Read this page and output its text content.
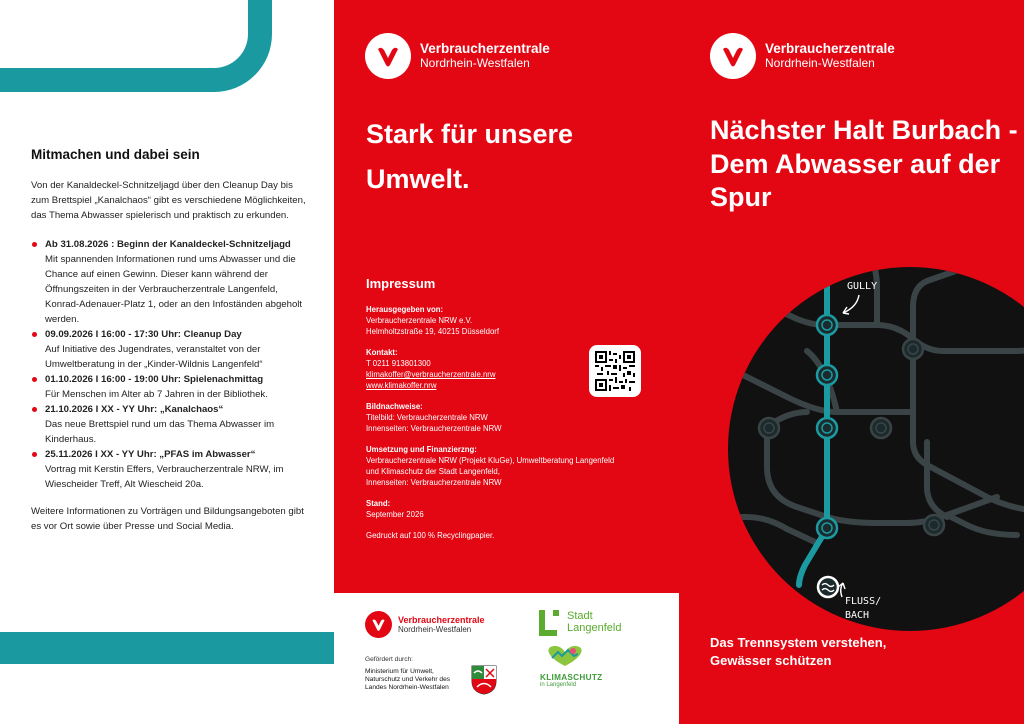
Mitmachen und dabei sein

Von der Kanaldeckel-Schnitzeljagd über den Cleanup Day bis zum Brettspiel „Kanalchaos“ gibt es verschiedene Möglichkeiten, das Thema Abwasser spielerisch und praktisch zu erkunden.

Ab 31.08.2026 : Beginn der Kanaldeckel-Schnitzeljagd
Mit spannenden Informationen rund ums Abwasser und die Chance auf einen Gewinn. Dieser kann während der Öffnungszeiten in der Verbraucherzentrale Langenfeld, Konrad-Adenauer-Platz 1, oder an den Infoständen abgeholt werden.
09.09.2026 I 16:00 - 17:30 Uhr: Cleanup Day
Auf Initiative des Jugendrates, veranstaltet von der Umweltberatung in der „Kinder-Wildnis Langenfeld“
01.10.2026 I 16:00 - 19:00 Uhr: Spielenachmittag
Für Menschen im Alter ab 7 Jahren in der Bibliothek.
21.10.2026 I XX - YY Uhr: „Kanalchaos“
Das neue Brettspiel rund um das Thema Abwasser im Kinderhaus.
25.11.2026 I XX - YY Uhr: „PFAS im Abwasser“
Vortrag mit Kerstin Effers, Verbraucherzentrale NRW, im Wiescheider Treff, Alt Wiescheid 20a.

Weitere Informationen zu Vorträgen und Bildungsangeboten gibt es vor Ort sowie über Presse und Social Media.

Verbraucherzentrale
Nordrhein-Westfalen
Stark für unsere Umwelt.
Impressum
Herausgegeben von:
Verbraucherzentrale NRW e.V.
Helmholtzstraße 19, 40215 Düsseldorf
Kontakt:
T 0211 913801300
klimakoffer@verbraucherzentrale.nrw
www.klimakoffer.nrw
Bildnachweise:
Titelbild: Verbraucherzentrale NRW
Innenseiten: Verbraucherzentrale NRW
Umsetzung und Finanzierzng:
Verbraucherzentrale NRW (Projekt KluGe), Umweltberatung Langenfeld und Klimaschutz der Stadt Langenfeld,
Innenseiten: Verbraucherzentrale NRW
Stand:
September 2026
Gedruckt auf 100 % Recyclingpapier.
Verbraucherzentrale
Nordrhein-Westfalen
Gefördert durch:
Ministerium für Umwelt, Naturschutz und Verkehr des Landes Nordrhein-Westfalen
Stadt
Langenfeld
KLIMASCHUTZ
in Langenfeld
Verbraucherzentrale
Nordrhein-Westfalen
Nächster Halt Burbach - Dem Abwasser auf der Spur
GULLY
FLUSS/
BACH
Das Trennsystem verstehen, Gewässer schützen
